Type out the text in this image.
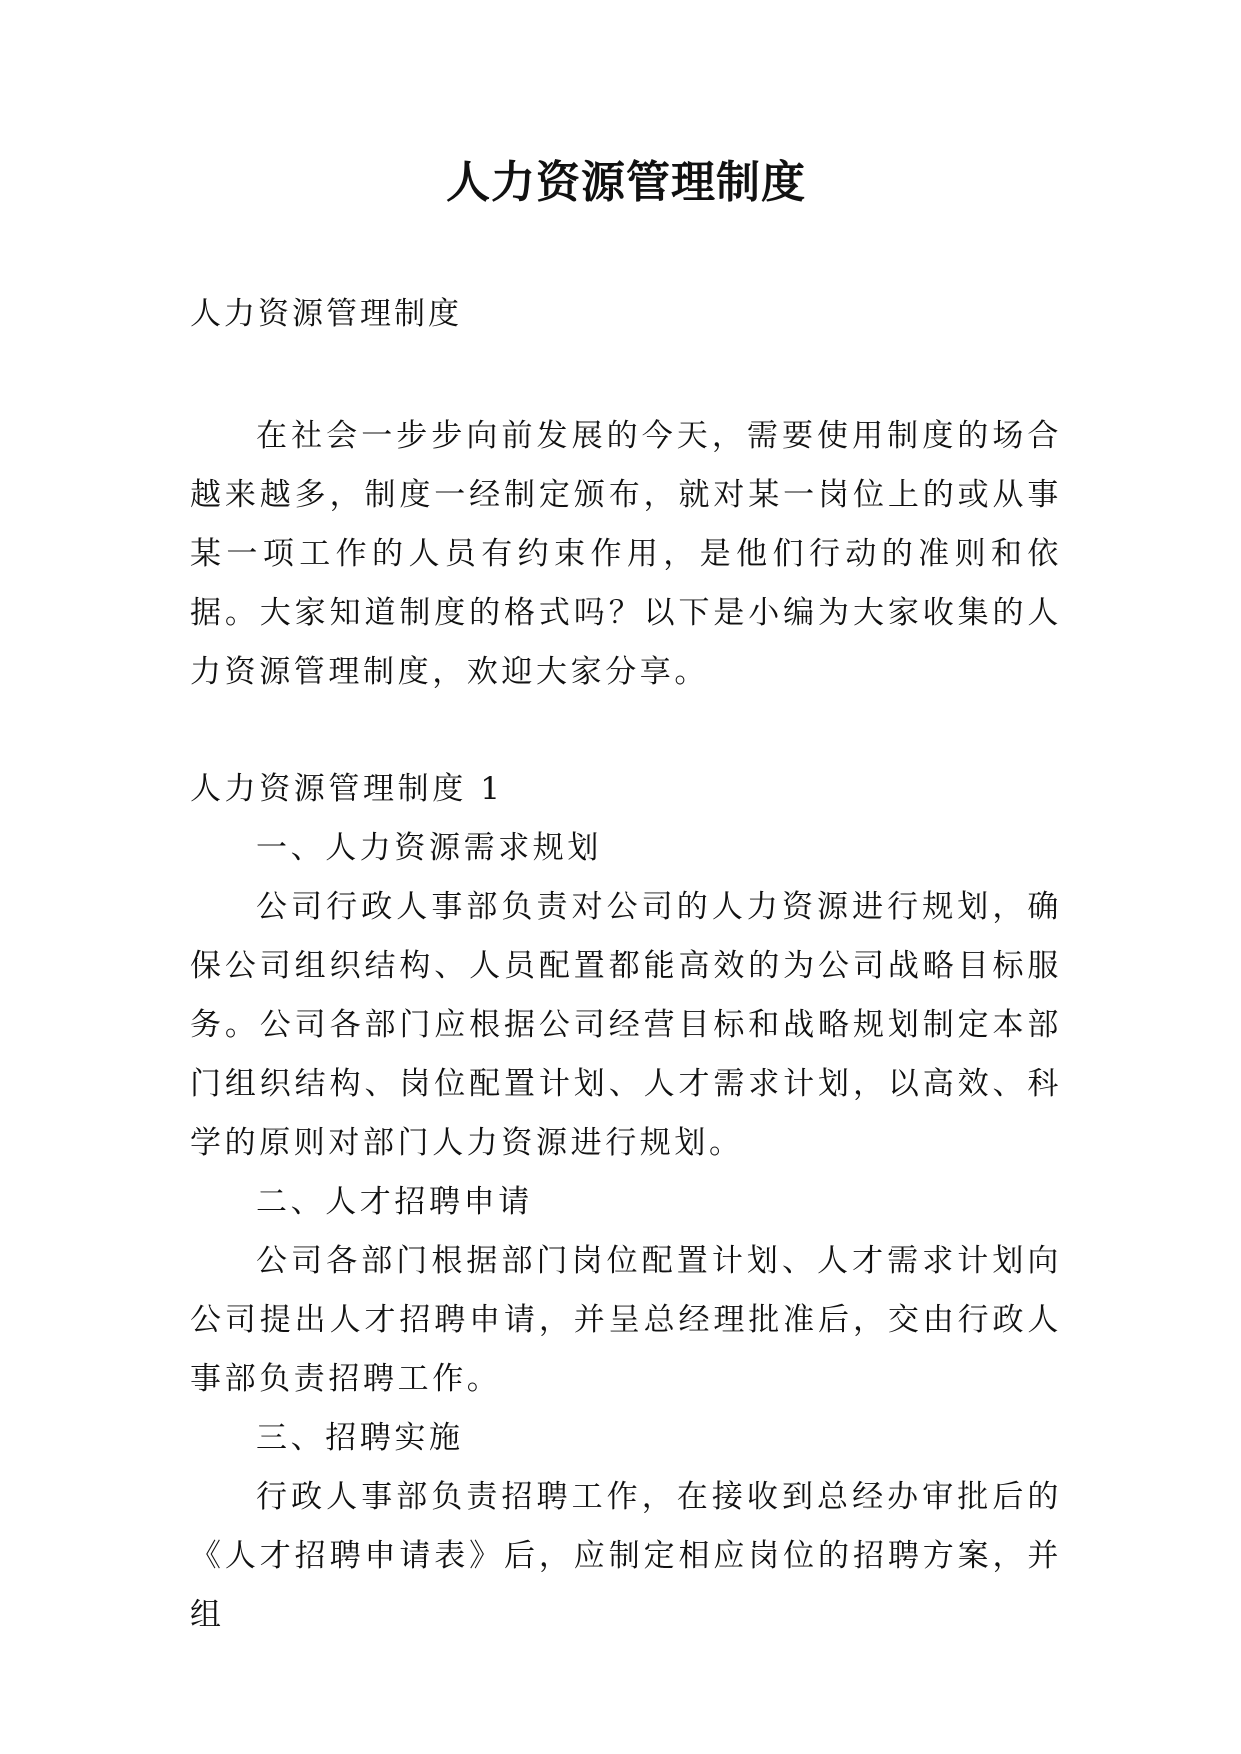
人力资源管理制度

人力资源管理制度

在社会一步步向前发展的今天，需要使用制度的场合越来越多，制度一经制定颁布，就对某一岗位上的或从事某一项工作的人员有约束作用，是他们行动的准则和依据。大家知道制度的格式吗？以下是小编为大家收集的人力资源管理制度，欢迎大家分享。

人力资源管理制度 1

一、人力资源需求规划

公司行政人事部负责对公司的人力资源进行规划，确保公司组织结构、人员配置都能高效的为公司战略目标服务。公司各部门应根据公司经营目标和战略规划制定本部门组织结构、岗位配置计划、人才需求计划，以高效、科学的原则对部门人力资源进行规划。

二、人才招聘申请

公司各部门根据部门岗位配置计划、人才需求计划向公司提出人才招聘申请，并呈总经理批准后，交由行政人事部负责招聘工作。

三、招聘实施

行政人事部负责招聘工作，在接收到总经办审批后的《人才招聘申请表》后，应制定相应岗位的招聘方案，并组
